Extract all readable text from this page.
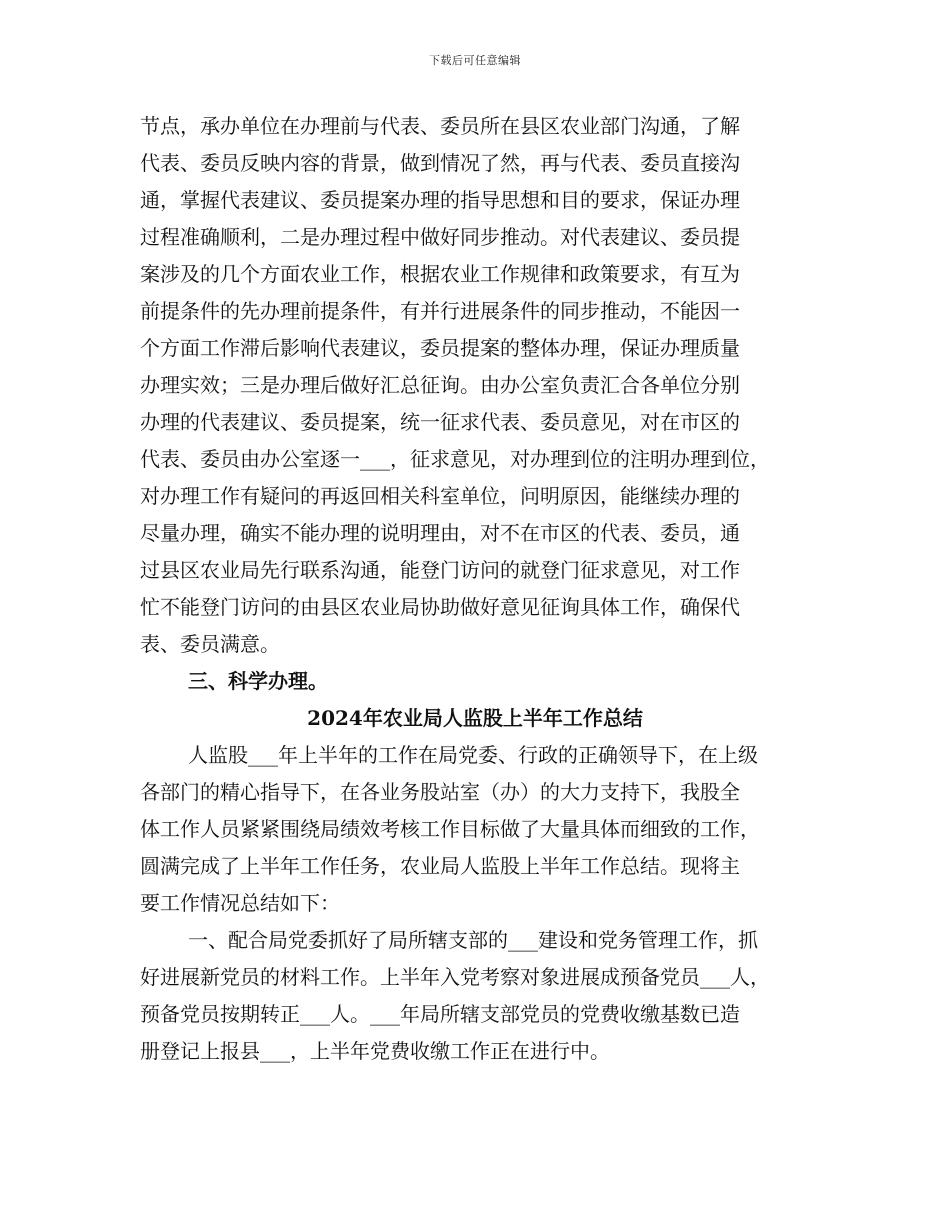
下载后可任意编辑
节点，承办单位在办理前与代表、委员所在县区农业部门沟通，了解
代表、委员反映内容的背景，做到情况了然，再与代表、委员直接沟
通，掌握代表建议、委员提案办理的指导思想和目的要求，保证办理
过程准确顺利，二是办理过程中做好同步推动。对代表建议、委员提
案涉及的几个方面农业工作，根据农业工作规律和政策要求，有互为
前提条件的先办理前提条件，有并行进展条件的同步推动，不能因一
个方面工作滞后影响代表建议，委员提案的整体办理，保证办理质量
办理实效；三是办理后做好汇总征询。由办公室负责汇合各单位分别
办理的代表建议、委员提案，统一征求代表、委员意见，对在市区的
代表、委员由办公室逐一___，征求意见，对办理到位的注明办理到位，
对办理工作有疑问的再返回相关科室单位，问明原因，能继续办理的
尽量办理，确实不能办理的说明理由，对不在市区的代表、委员，通
过县区农业局先行联系沟通，能登门访问的就登门征求意见，对工作
忙不能登门访问的由县区农业局协助做好意见征询具体工作，确保代
表、委员满意。
三、科学办理。
2024年农业局人监股上半年工作总结
人监股___年上半年的工作在局党委、行政的正确领导下，在上级
各部门的精心指导下，在各业务股站室（办）的大力支持下，我股全
体工作人员紧紧围绕局绩效考核工作目标做了大量具体而细致的工作，
圆满完成了上半年工作任务，农业局人监股上半年工作总结。现将主
要工作情况总结如下：
一、配合局党委抓好了局所辖支部的___建设和党务管理工作，抓
好进展新党员的材料工作。上半年入党考察对象进展成预备党员___人，
预备党员按期转正___人。___年局所辖支部党员的党费收缴基数已造
册登记上报县___，上半年党费收缴工作正在进行中。
